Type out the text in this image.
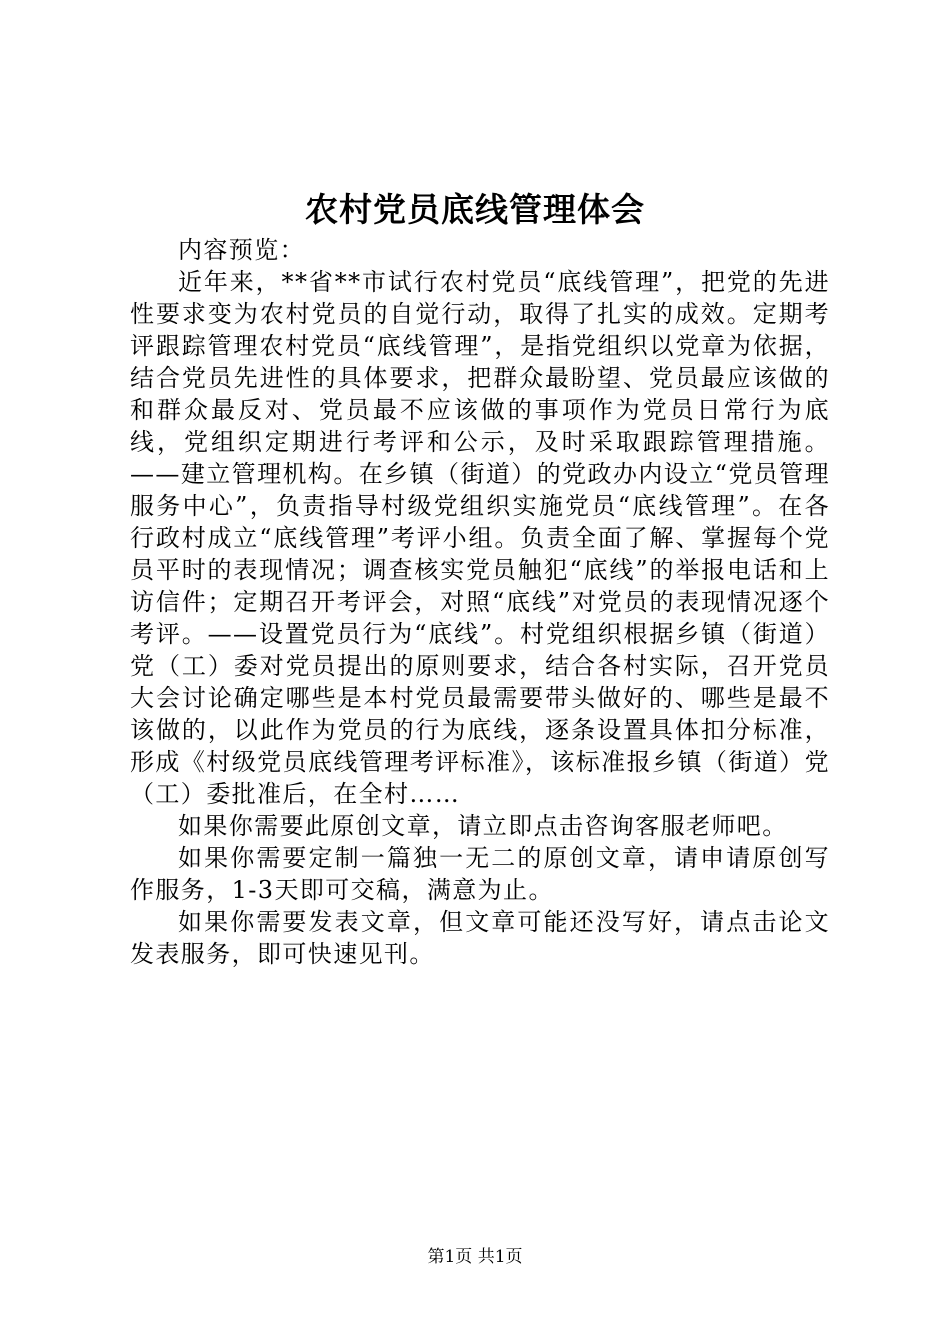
农村党员底线管理体会

内容预览：

近年来，**省**市试行农村党员“底线管理”，把党的先进性要求变为农村党员的自觉行动，取得了扎实的成效。定期考评跟踪管理农村党员“底线管理”，是指党组织以党章为依据，结合党员先进性的具体要求，把群众最盼望、党员最应该做的和群众最反对、党员最不应该做的事项作为党员日常行为底线，党组织定期进行考评和公示，及时采取跟踪管理措施。——建立管理机构。在乡镇（街道）的党政办内设立“党员管理服务中心”，负责指导村级党组织实施党员“底线管理”。在各行政村成立“底线管理”考评小组。负责全面了解、掌握每个党员平时的表现情况；调查核实党员触犯“底线”的举报电话和上访信件；定期召开考评会，对照“底线”对党员的表现情况逐个考评。——设置党员行为“底线”。村党组织根据乡镇（街道）党（工）委对党员提出的原则要求，结合各村实际，召开党员大会讨论确定哪些是本村党员最需要带头做好的、哪些是最不该做的，以此作为党员的行为底线，逐条设置具体扣分标准，形成《村级党员底线管理考评标准》，该标准报乡镇（街道）党（工）委批准后，在全村……

如果你需要此原创文章，请立即点击咨询客服老师吧。

如果你需要定制一篇独一无二的原创文章，请申请原创写作服务，1-3天即可交稿，满意为止。

如果你需要发表文章，但文章可能还没写好，请点击论文发表服务，即可快速见刊。

第1页 共1页
